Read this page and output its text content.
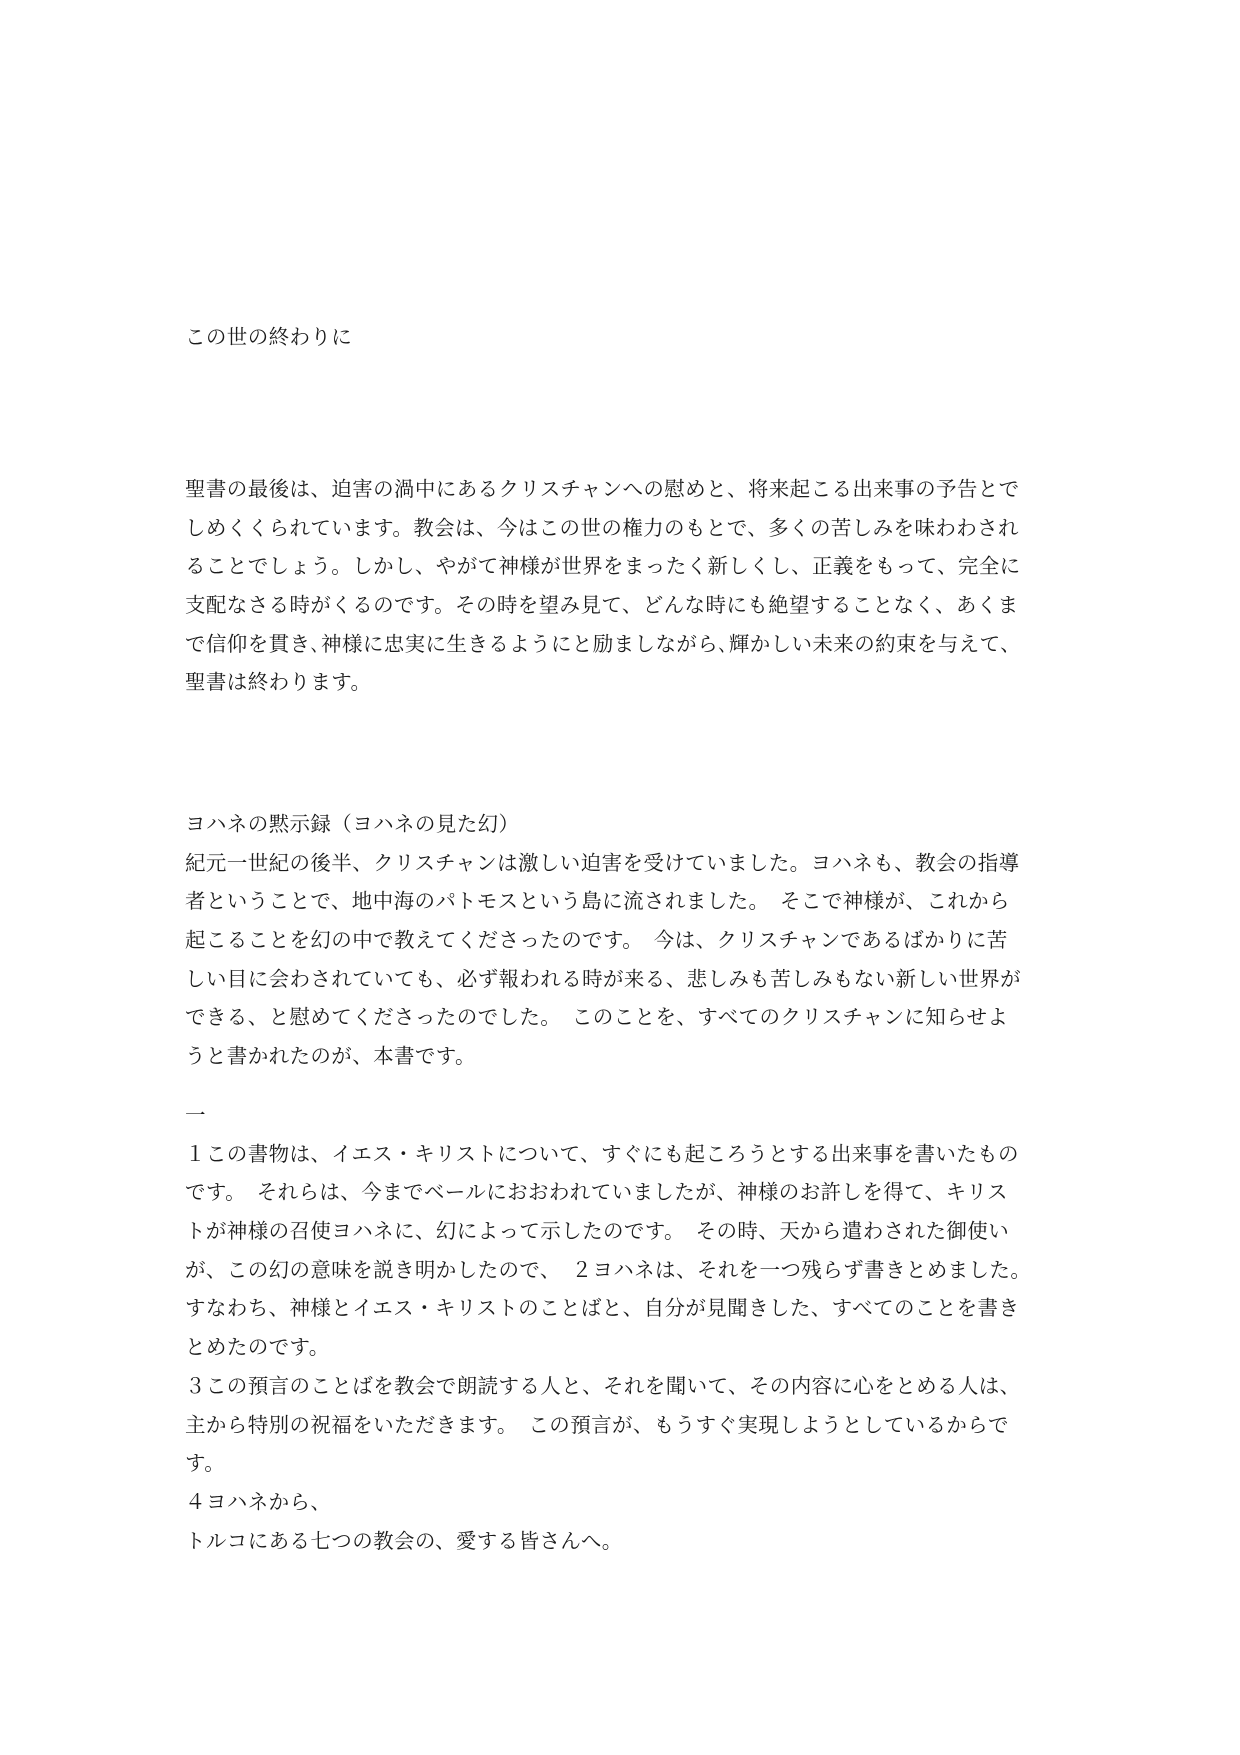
この世の終わりに
聖書の最後は、迫害の渦中にあるクリスチャンへの慰めと、将来起こる出来事の予告とで
しめくくられています。教会は、今はこの世の権力のもとで、多くの苦しみを味わわされ
ることでしょう。しかし、やがて神様が世界をまったく新しくし、正義をもって、完全に
支配なさる時がくるのです。その時を望み見て、どんな時にも絶望することなく、あくま
で信仰を貫き､神様に忠実に生きるようにと励ましながら､輝かしい未来の約束を与えて、
聖書は終わります。
ヨハネの黙示録（ヨハネの見た幻）
紀元一世紀の後半、クリスチャンは激しい迫害を受けていました。ヨハネも、教会の指導
者ということで、地中海のパトモスという島に流されました。　そこで神様が、これから
起こることを幻の中で教えてくださったのです。　今は、クリスチャンであるばかりに苦
しい目に会わされていても、必ず報われる時が来る、悲しみも苦しみもない新しい世界が
できる、と慰めてくださったのでした。　このことを、すべてのクリスチャンに知らせよ
うと書かれたのが、本書です。
一
１この書物は、イエス・キリストについて、すぐにも起ころうとする出来事を書いたもの
です。　それらは、今までベールにおおわれていましたが、神様のお許しを得て、キリス
トが神様の召使ヨハネに、幻によって示したのです。　その時、天から遣わされた御使い
が、この幻の意味を説き明かしたので、　２ヨハネは、それを一つ残らず書きとめました。
すなわち、神様とイエス・キリストのことばと、自分が見聞きした、すべてのことを書き
とめたのです。
３この預言のことばを教会で朗読する人と、それを聞いて、その内容に心をとめる人は、
主から特別の祝福をいただきます。　この預言が、もうすぐ実現しようとしているからで
す。
４ヨハネから、
トルコにある七つの教会の、愛する皆さんへ。
